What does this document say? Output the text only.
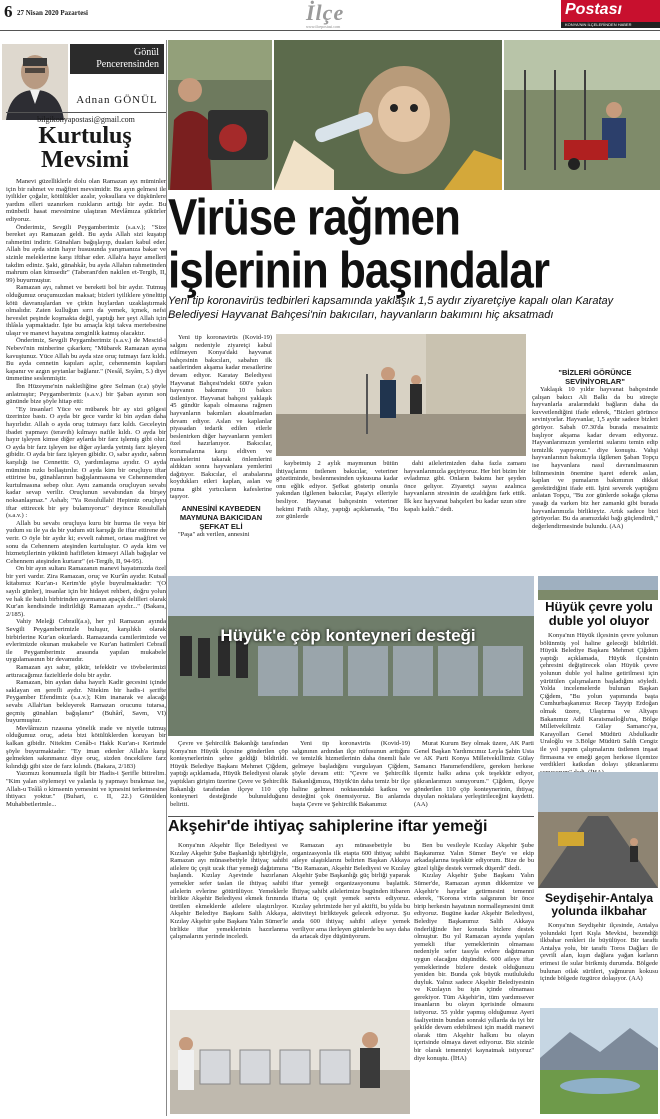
6 27 Nisan 2020 Pazartesi	İlçe
www.ilcepostasi.com
Postası
KONYA'NIN İLÇELERİNDEN HABER
Gönül
Pencerensinden
Adnan GÖNÜL
bilgikonyapostasi@gmail.com
Kurtuluş
Mevsimi

Manevi güzelliklerle dolu olan Ramazan ayı müminler için bir rahmet ve mağfiret mevsimidir. Bu ayın gelmesi ile iyilikler çoğalır, kötülükler azalır, yoksullara ve düşkünlere yardım elleri uzanırken rızıkların arttığı bir aydır. Bu münbetli hasat mevsimine ulaştıran Mevlâmıza şükürler ediyoruz.

Önderimiz, Sevgili Peygamberimiz (s.a.v.); "Size bereket ayı Ramazan geldi. Bu ayda Allah sizi kuşatıp rahmetini indirir. Günahları bağışlayıp, duaları kabul eder. Allah bu ayda sizin hayır hususunda yarışmanıza bakar ve sizinle meleklerine karşı iftihar eder. Allah'a hayır amelleri takdim ediniz. Şaki, günahkâr, bu ayda Allahın rahmetinden mahrum olan kimsedir" (Taberani'den nakilen et-Tergib, II, 99) buyurmuştur.

Ramazan ayı, rahmet ve bereketi bol bir aydır. Tutmuş olduğumuz oruçumuzdan maksat; bizleri iyiliklere yönelttip kötü davranışlardan ve çirkin huylardan uzaklaştırmak olmalıdır. Zaten kulluğun sırrı da yemek, içmek, nefsi heveslet peşinde koşmakta değil, yaptığı her şeyi Allah için ihlâsla yapmaktadır. İşte bu amaçla kişi takva mertebesine ulaşır ve manevi hayatına zenginlik katmış olacaktır.

Önderimiz, Sevgili Peygamberimiz (s.a.v.) de Mescid-i Nebevi'nin minberine çıkarken; "Mübarek Ramazan ayına kavuştunuz. Yüce Allah bu ayda size oruç tutmayı farz kıldı. Bu ayda cennetin kapıları açılır, cehennemin kapıları kapanır ve azgın şeytanlar bağlanır." (Nesâî, Sıyâm, 5.) diye ümmetine seslenmiştir.

İbn Hüzeyme'nin nakletliğine göre Selman (r.a) şöyle anlatmıştır; Peygamberimiz (s.a.v.) bir Şaban ayının son gününde bize şöyle hitap etti:

"Ey insanlar! Yüce ve mübarek bir ay sizi gölgesi üzerinize bastı. O ayda bir gece vardır ki bin aydan daha hayırlıdır. Allah o ayda oruç tutmayı farz kıldı. Geceleyin ibadet yapmayı (teravih) kılmayı nafile kıldı. O ayda bir hayır işleyen kimse diğer aylarda bir farz işlemiş gibi olur. O ayda bir farz işleyen ise diğer aylarda yetmiş farz işleyen gibidir. O ayda bir farz işleyen gibidir. O, sabır ayıdır, sabrın karşılığı ise Cennettir. O, yardımlaşma ayıdır. O ayda müminin rızkı bollaştırılır. O ayda kim bir oruçluyu iftar ettirirse bu, günahlarının bağışlanmasına ve Cehennemden kurtulmasına sebep olur. Aynı zamanda oruçluyun sevabı kadar sevap verilir. Oruçlunun sevabından da birşey noksanlaşmaz." Ashab; "Ya Resulullah! Hepimiz oruçluyu iftar ettirecek bir şey bulamıyoruz" deyince Resulullah (s.a.v.) :

Allah bu sevabı oruçluya kuru bir hurma ile veya bir yudum su ile ya da bir yudum süt karışığı ile iftar ettirene de verir. O öyle bir aydır ki; evveli rahmet, ortası mağfiret ve sonu da Cehennem ateşinden kurtuluştur. O ayda kim ve hizmetçilerinin yükünü hafifleten kimseyi Allah bağışlar ve Cehennem ateşinden kurtarır" (et-Tergib, II, 94-95).

On bir ayın sultanı Ramazanın manevi hayatımızda özel bir yeri vardır. Zira Ramazan, oruç ve Kur'ân ayıdır. Kutsal kitabımız Kur'an-ı Kerim'de şöyle buyrulmaktadır: "(O sayılı günler), insanlar için bir hidayet rehberi, doğru yolun ve hak ile batılı birbirinden ayırmanın apaçık delilleri olarak Kur'an kendisinde indirildiği Ramazan ayıdır..." (Bakara, 2/185).

Vahiy Meleği Cebrail(a.s), her yıl Ramazan ayında Sevgili Peygamberimizle buluşur, karşılıklı olarak birbirlerine Kur'an okurlardı. Ramazanda camilerimizde ve evlerimizde okunan mukabele ve Kur'an hatimleri Cebrail ile Peygamberimiz arasında yapılan mukabele uygulamasının bir devamıdır.

Ramazan ayı sabır, şükür, tefekkür ve tövbelerimizi arttıracağımız fazieltlerle dolu bir aydır.

Ramazan, bin aydan daha hayırlı Kadir gecesini içinde saklayan en şerefli aydır. Nitekim bir hadis-i şerifte Peygamber Efendimiz (s.a.v.); Kim inanarak ve alacağı sevabı Allah'tan bekleyerek Ramazan orucunu tutarsa, geçmiş günahları bağışlanır" (Buhârî, Savm, VI) buyurmuştur.

Mevlâmızın rızasına yönelik ırade ve niyetle tutmuş olduğumuz oruç, adeta bizi kötülüklerden koruyan bir kalkan gibidir. Nitekim Cenâb-ı Hakk Kur'an-ı Kerimde şöyle buyurmaktadır: "Ey iman edenler Allah'a karşı gelmekten sakınmanız diye oruç, sizden öncekilere farz kılındığı gibi size de farz kılındı. (Bakara, 2/183)

Yazımızı konumuzla ilgili bir Hadis-i Şerifle bitirelim. "Kim yalan söylemeyi ve yalanla iş yapmayı bırakmaz ise, Allah-u Teâlâ o kimsenin yemesini ve içmesini terketmesine ihtiyacı yoktur." (Buhari, c. II, 22.) Gönülden Muhabbetlerimle...

Virüse rağmen
işlerinin başındalar
Yeni tip koronavirüs tedbirleri kapsamında yaklaşık 1,5 aydır ziyaretçiye kapalı olan Karatay Belediyesi Hayvanat Bahçesi'nin bakıcıları, hayvanların bakımını hiç aksatmadı

Yeni tip koronavirüs (Kovid-19) salgını nedeniyle ziyaretçi kabul edilmeyen Konya'daki hayvanat bahçesinin bakıcıları, sabahın ilk saatlerinden akşama kadar mesailerine devam ediyor. Karatay Belediyesi Hayvanat Bahçesi'ndeki 600'e yakın hayvanın bakımını 10 bakıcı üstleniyor. Hayvanat bahçesi yaklaşık 45 gündür kapalı olmasına rağmen hayvanların bakımları aksatılmadan devam ediyor. Aslan ve kaplanlar piyasadan tedarik edilen etlerle beslenirken diğer hayvanların yemleri özel hazırlanıyor. Bakıcılar, korumalarına karşı eldiven ve maskelerini takarak önlemlerini aldıktan sonra hayvanlara yemlerini dağıtıyor. Bakıcılar, el arabalarına koydukları etleri kaplan, aslan ve puma gibi yırtıcıların kafeslerine taşıyor.

ANNESİNİ KAYBEDEN MAYMUNA BAKICIDAN ŞEFKAT ELİ

"Paşa" adı verilen, annesini

kaybetmiş 2 aylık maymunun bütün ihtiyaçlarını üstlenen bakıcılar, veteriner gözetiminde, beslenmesinden uykusuna kadar onu eğlik ediyor. Şefkat gösterip onunla yakından ilgilenen bakıcılar, Paşa'yı elleriyle besliyor. Hayvanat bahçesinin veteriner hekimi Fatih Altay, yaptığı açıklamada, "Bu zor günlerde

dahi ailelerimizden daha fazla zamanı hayvanlarımızla geçiriyoruz. Her biri bizim bir evladımız gibi. Onların bakımı her şeyden önce geliyor. Ziyaretçi sayısı azalınca hayvanların stresinin de azaldığını fark ettik. İlk kez hayvanat bahçeleri bu kadar uzun süre kapalı kaldı." dedi.

"BİZLERİ GÖRÜNCE SEVİNİYORLAR"

Yaklaşık 10 yıldır hayvanat bahçesinde çalışan bakıcı Ali Balkı da bu süreçte hayvanlarla aralarındaki bağların daha da kuvvetlendiğini ifade ederek, "Bizleri görünce seviniyorlar. Hayvanlar, 1,5 aydır sadece bizleri görüyor. Sabah 07.30'da burada mesaimiz başlıyor akşama kadar devam ediyoruz. Hayvanlarımızın yemlerini sularını temin edip temizlik yapıyoruz." diye konuştu. Vahşi hayvanlarının bakımıyla ilgilenen Şaban Topçu ise hayvanlara nasıl davranılmasının bilinmesinin önemine işaret ederek aslan, kaplan ve pumaların bakımının dikkat gerektirdiğini ifade etti. İşini severek yaptığını anlatan Topçu, "Bu zor günlerde sokağa çıkma yasağı da varken biz her zamanki gibi burada hayvanlarımızla birlikteyiz. Artık sadece bizi görüyorlar. Bu da aramızdaki bağı güçlendirdi," değerlendirmesinde bulundu. (AA)

Hüyük'e çöp konteyneri desteği

Çevre ve Şehircilik Bakanlığı tarafından Konya'nın Hüyük ilçesine gönderilen çöp konteynerlerinin şehre geldiği bildirildi. Hüyük Belediye Başkanı Mehmet Çiğdem, yaptığı açıklamada, Hüyük Belediyesi olarak yaptıkları girişim üzerine Çevre ve Şehircilik Bakanlığı tarafından ilçeye 110 çöp konteyneri desteğinde bulunulduğunu belirtti.

Yeni tip koronavirüs (Kovid-19) salgınının ardından ilçe nüfusunun arttığını ve temizlik hizmetlerinin daha önemli hale gelmeye başladığını vurgulayan Çiğdem, şöyle devam etti: "Çevre ve Şehircilik Bakanlığımıza, Hüyük'ün daha temiz bir ilçe haline gelmesi noktasındaki katkısı ve desteğini çok önemsiyoruz. Bu anlamda başta Çevre ve Şehircilik Bakanımız

Murat Kurum Bey olmak üzere, AK Parti Genel Başkan Yardımcımız Leyla Şahin Usta ve AK Parti Konya Milletvekillimiz Gülay Samancı Hanımefendilere, gereken herkese ilçemiz halkı adına çok teşekkür ediyor, şükranlarımızı sunuyorum." Çiğdem, ilçeye gönderilen 110 çöp konteynerinin, ihtiyaç duyulan noktalara yerleştirileceğini kaydetti. (AA)

Akşehir'de ihtiyaç sahiplerine iftar yemeği

Konya'nın Akşehir İlçe Belediyesi ve Kızılay Akşehir Şube Başkanlığı işbirliğiyle, Ramazan ayı münasebetiyle ihtiyaç sahibi ailelere üç çeşit ucak iftar yemeği dağıtımına başlandı. Kızılay Aşevinde hazırlanan yemekler sefer taslan ile ihtiyaç sahibi ailelerin evlerine götürülüyor. Yemeklerle birlikte Akşehir Belediyesi ekmek fırınında üretilen ekmeklerde ailelere ulaştırılıyor. Akşehir Belediye Başkanı Salih Akkaya, Kızılay Akşehir şube Başkanı Yalın Sümer'le birlikte iftar yemeklerinin hazırlanma çalışmalarını yerinde inceledi.

Ramazan ayı münasebetiyle bu organizasyonla ilk etapta 600 ihtiyaç sahibi aileye ulaştıklarını belirten Başkan Akkaya "Bu Ramazan, Akşehir Belediyesi ve Kızılay Akşehir Şube Başkanlığı güç birliği yaparak iftar yemeği organizasyonunu başlattık. İhtiyaç sahibi ailelerimize bugünden itibaren iftarta üç çeşit yemek servis ediyoruz. Kızılay şehrimizde her yıl aktifti, bu yılda bu aktiviteyi birlikteyek gelecek ediyoruz. Şu anda 600 ihtiyaç sahibi aileye yemek veriliyor ama ilerleyen günlerde bu sayı daha da artacak diye düşünüyorum.

Ben bu vesileyle Kızılay Akşehir Şube Başkanımız Yalın Sümer Bey'e ve ekip arkadaşlarına teşekkür ediyorum. Bize de bu güzel işliğe destek vermek düşerdi" dedi.

Kızılay Akşehir Şube Başkanı Yalın Sümer'de, Ramazan ayının dikkemize ve Akşehir'e hayırlar getirmesini temenni ederek, "Korona virüs salgınının bir önce birip herkesin hayatının normalleşmesini ümit ediyoruz. Bugüne kadar Akşehir Belediyesi, Belediye Başkanımız Salih Akkaya önderliğinde her konuda bizlere destek olmuştur. Bu yıl Ramazan ayında yapılan yemekli iftar yemeklerinin olmaması nedeniyle sefer tasıyla evlere dağıtmanın uygun olacağını düşündük. 600 aileye iftar yemeklerinde bizlere destek olduğunuzu yeniden bir. Bunda çok büyük mutlulukdu duyluk. Yalnız sadece Akşehir Belediyesinin ve Kızılayın bu işin içinde olmaması gerekiyor. Tüm Akşehir'in, tüm yardımsever insanların bu olayın içerisinde olmasını istiyoruz. 55 yıldır yapmış olduğumuz Ayeri faaliyetinin bundan sonraki yıllarda da iyi bir şekilde devam edebilmesi için maddi manevi olarak tüm Akşehir halkını bu olayın içerisinde olmaya davet ediyoruz. Biz sizinle bir olarak temenniyi kaynatmak istiyoruz" diye konuştu. (İHA)

Hüyük çevre yolu duble yol oluyor

Konya'nın Hüyük ilçesinin çevre yolunun bölünmüş yol haline geleceği bildirildi. Hüyük Belediye Başkanı Mehmet Çiğdem yaptığı açıklamada, Hüyük ilçesinin çehresini değiştirecek olan Hüyük çevre yolunun duble yol haline getirilmesi için yürütülen çalışmaların başladığını söyledi. Yolda incelemelerde bulunan Başkan Çiğdem, "Bu yolun yapımında başta Cumhurbaşkanımız Recep Tayyip Erdoğan olmak üzere, Ulaştırma ve Altyapı Bakanımız Adil Karaismailoğlu'na, Bölge Milletvekilimiz Gülay Samancı'ya, Karayolları Genel Müdürü Abdulkadir Uraloğlu ve 3.Bölge Müdürü Salih Cengiz ile yol yapım çalışmalarını üstlenen inşaat firmasına ve emeği geçen herkese ilçemize verdikleri katkıdan dolayı şükranlarımı

Seydişehir-Antalya yolunda ilkbahar

Konya'nın Seydişehir ilçesinde, Antalya yolundaki İçeri Kışla Mevkisi, bezendiği ilkbahar renkleri ile büyülüyor. Bir taraftı Antalya yolu, bir taraftı Toros Dağları ile çevrili alan, kışın dağlara yağan karların erimesi ile sular birikmiş durumda. Bölgede bulunan otlak sürüleri, yağmurun kokusu içinde bölgede özgürce dolaşıyor. (AA)
